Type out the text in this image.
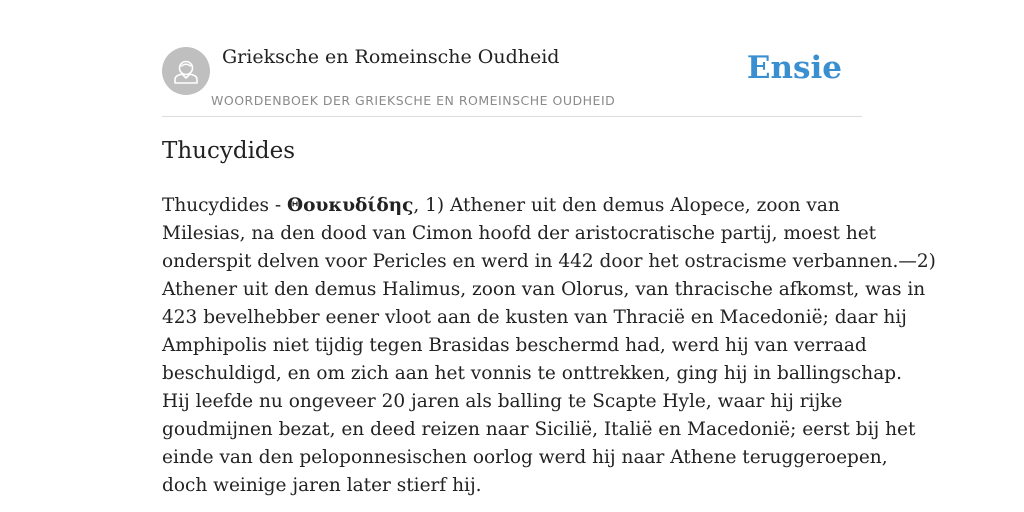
Grieksche en Romeinsche Oudheid
WOORDENBOEK DER GRIEKSCHE EN ROMEINSCHE OUDHEID
Ensie
Thucydides
Thucydides - Θουκυδίδης, 1) Athener uit den demus Alopece, zoon van
Milesias, na den dood van Cimon hoofd der aristocratische partij, moest het
onderspit delven voor Pericles en werd in 442 door het ostracisme verbannen.—2)
Athener uit den demus Halimus, zoon van Olorus, van thracische afkomst, was in
423 bevelhebber eener vloot aan de kusten van Thracië en Macedonië; daar hij
Amphipolis niet tijdig tegen Brasidas beschermd had, werd hij van verraad
beschuldigd, en om zich aan het vonnis te onttrekken, ging hij in ballingschap.
Hij leefde nu ongeveer 20 jaren als balling te Scapte Hyle, waar hij rijke
goudmijnen bezat, en deed reizen naar Sicilië, Italië en Macedonië; eerst bij het
einde van den peloponnesischen oorlog werd hij naar Athene teruggeroepen,
doch weinige jaren later stierf hij.
